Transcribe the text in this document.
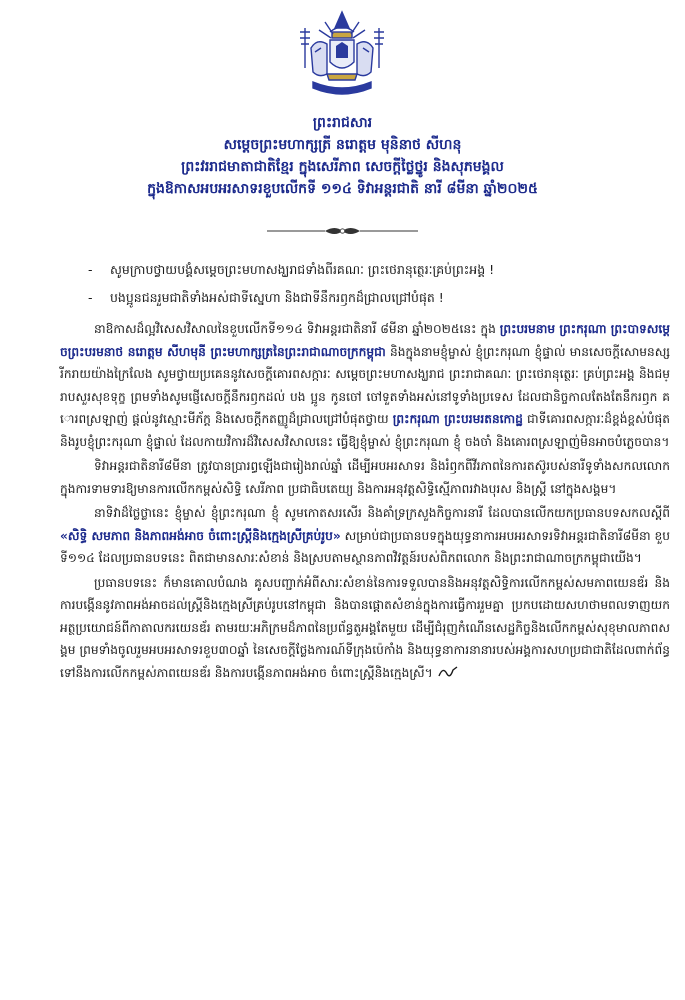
ព្រះរាជសារ
សម្តេចព្រះមហាក្សត្រី នរោត្តម មុនិនាថ សីហនុ
ព្រះវររាជមាតាជាតិខ្មែរ ក្នុងសេរីភាព សេចក្តីថ្លៃថ្នូរ និងសុភមង្គល
ក្នុងឱកាសអបអរសាទរខួបលើកទី ១១៤ ទិវាអន្តរជាតិ នារី ៨មីនា ឆ្នាំ២០២៥
-	សូមក្រាបថ្វាយបង្គំសម្តេចព្រះមហាសង្ឃរាជទាំងពីរគណៈ ព្រះថេរានុត្ថេរៈគ្រប់ព្រះអង្គ !
-	បងប្អូនជនរួមជាតិទាំងអស់ជាទីស្នេហា និងជាទីនឹករឭកដ៏ជ្រាលជ្រៅបំផុត !

នាឱកាសដ៏ល្អវិសេសវិសាលនៃខួបលើកទី១១៤ ទិវាអន្តរជាតិនារី ៨មីនា ឆ្នាំ២០២៥នេះ ក្នុង ព្រះបរមនាម ព្រះករុណា ព្រះបាទសម្តេចព្រះបរមនាថ នរោត្តម សីហមុនី ព្រះមហាក្សត្រនៃព្រះរាជាណាចក្រកម្ពុជា និងក្នុងនាមខ្ញុំម្ចាស់ ខ្ញុំព្រះករុណា ខ្ញុំផ្ទាល់ មានសេចក្តីសោមនស្សរីករាយយ៉ាងក្រៃលែង សូមថ្វាយប្រគេននូវសេចក្តីគោរពសក្ការៈ សម្តេចព្រះមហាសង្ឃរាជ ព្រះរាជាគណៈ ព្រះថេរានុត្ថេរៈ គ្រប់ព្រះអង្គ និងជម្រាបសួរសុខទុក្ខ ព្រមទាំងសូមផ្ញើសេចក្តីនឹករឭកដល់ បង ប្អូន កូនចៅ ចៅទួតទាំងអស់នៅទូទាំងប្រទេស ដែលជានិច្ចកាលតែងតែនឹករឭក គោរពស្រឡាញ់ ផ្តល់នូវស្មោះមីភ័ក្ត និងសេចក្តីកតញ្ញូដ៏ជ្រាលជ្រៅបំផុតថ្វាយ ព្រះករុណា ព្រះបរមរតនកោដ្ឋ ជាទីគោរពសក្ការៈដ៏ខ្ពង់ខ្ពស់បំផុត និងរូបខ្ញុំព្រះករុណា ខ្ញុំផ្ទាល់ ដែលកាយវិការដ៏វិសេសវិសាលនេះ ធ្វើឱ្យខ្ញុំម្ចាស់ ខ្ញុំព្រះករុណា ខ្ញុំ ចងចាំ និងគោរពស្រឡាញ់មិនអាចបំភ្លេចបាន។

ទិវាអន្តរជាតិនារី៨មីនា ត្រូវបានប្រារព្ធឡើងជារៀងរាល់ឆ្នាំ ដើម្បីអបអរសាទរ និងរំឭកពីវីរភាពនៃការតស៊ូរបស់នារីទូទាំងសកលលោក ក្នុងការទាមទារឱ្យមានការលើកកម្ពស់សិទ្ធិ សេរីភាព ប្រជាធិបតេយ្យ និងការអនុវត្តសិទ្ធិស្មើភាពរវាងបុរស និងស្ត្រី នៅក្នុងសង្គម។

នាទិវាដ៏ថ្លៃថ្លានេះ ខ្ញុំម្ចាស់ ខ្ញុំព្រះករុណា ខ្ញុំ សូមកោតសរសើរ និងគាំទ្រក្រសួងកិច្ចការនារី ដែលបានលើកយកប្រធានបទសកលស្តីពី «សិទ្ធិ សមភាព និងភាពអង់អាច ចំពោះស្ត្រីនិងក្មេងស្រីគ្រប់រូប» សម្រាប់ជាប្រធានបទក្នុងយុទ្ធនាការអបអរសាទរទិវាអន្តរជាតិនារី៨មីនា ខួបទី១១៤ ដែលប្រធានបទនេះ ពិតជាមានសារៈសំខាន់ និងស្របតាមស្ថានភាពវិវត្តន៍របស់ពិភពលោក និងព្រះរាជាណាចក្រកម្ពុជាយើង។

ប្រធានបទនេះ ក៏មានគោលបំណង គូសបញ្ជាក់អំពីសារៈសំខាន់នៃការទទួលបាននិងអនុវត្តសិទ្ធិការលើកកម្ពស់សមភាពយេនឌ័រ និងការបង្កើននូវភាពអង់អាចដល់ស្ត្រីនិងក្មេងស្រីគ្រប់រូបនៅកម្ពុជា និងបានផ្តោតសំខាន់ក្នុងការធ្វើការរួមគ្នា ប្រកបដោយសហថាមពលទាញយកអត្ថប្រយោជន៍ពីកាតាលករយេនឌ័រ តាមរយៈអភិក្រមដ៏ភាពនៃប្រព័ន្ធតួអង្គតែមួយ ដើម្បីជំរុញកំណើនសេដ្ឋកិច្ចនិងលើកកម្ពស់សុខុមាលភាពសង្គម ព្រមទាំងចូលរួមអបអរសាទរខួប៣០ឆ្នាំ នៃសេចក្តីថ្លែងការណ៍ទីក្រុងប៉េកាំង និងយុទ្ធនាការនានារបស់អង្គការសហប្រជាជាតិដែលពាក់ព័ន្ធទៅនឹងការលើកកម្ពស់ភាពយេនឌ័រ និងការបង្កើនភាពអង់អាច ចំពោះស្ត្រីនិងក្មេងស្រី។
